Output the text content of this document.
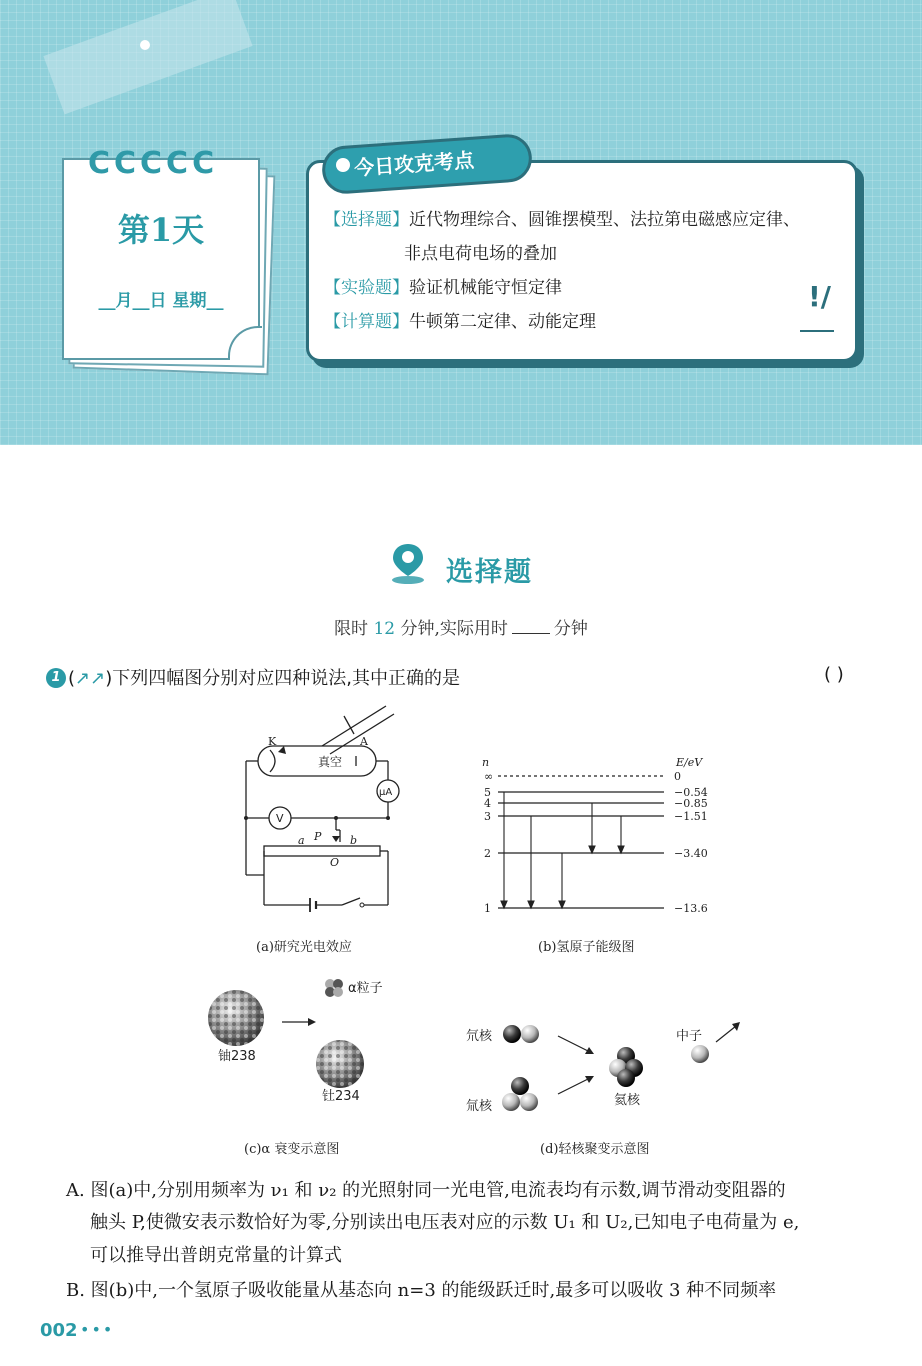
ССССС
第1天
__月__日 星期__
今日攻克考点
【选择题】近代物理综合、圆锥摆模型、法拉第电磁感应定律、
非点电荷电场的叠加
【实验题】验证机械能守恒定律
【计算题】牛顿第二定律、动能定理
!/
选择题
限时 12 分钟,实际用时	分钟
1 (↗↗)下列四幅图分别对应四种说法,其中正确的是	( )
K	A
真空
μA
V
P
a	b
O
(a)研究光电效应
n	E/eV
∞
5
4
3
2
1
0
−0.54
−0.85
−1.51
−3.40
−13.6
(b)氢原子能级图
α粒子
铀238
钍234
(c)α 衰变示意图
氘核
氚核	氦核
中子
(d)轻核聚变示意图
A. 图(a)中,分别用频率为 ν₁ 和 ν₂ 的光照射同一光电管,电流表均有示数,调节滑动变阻器的
触头 P,使微安表示数恰好为零,分别读出电压表对应的示数 U₁ 和 U₂,已知电子电荷量为 e,
可以推导出普朗克常量的计算式
B. 图(b)中,一个氢原子吸收能量从基态向 n=3 的能级跃迁时,最多可以吸收 3 种不同频率
002 •••
